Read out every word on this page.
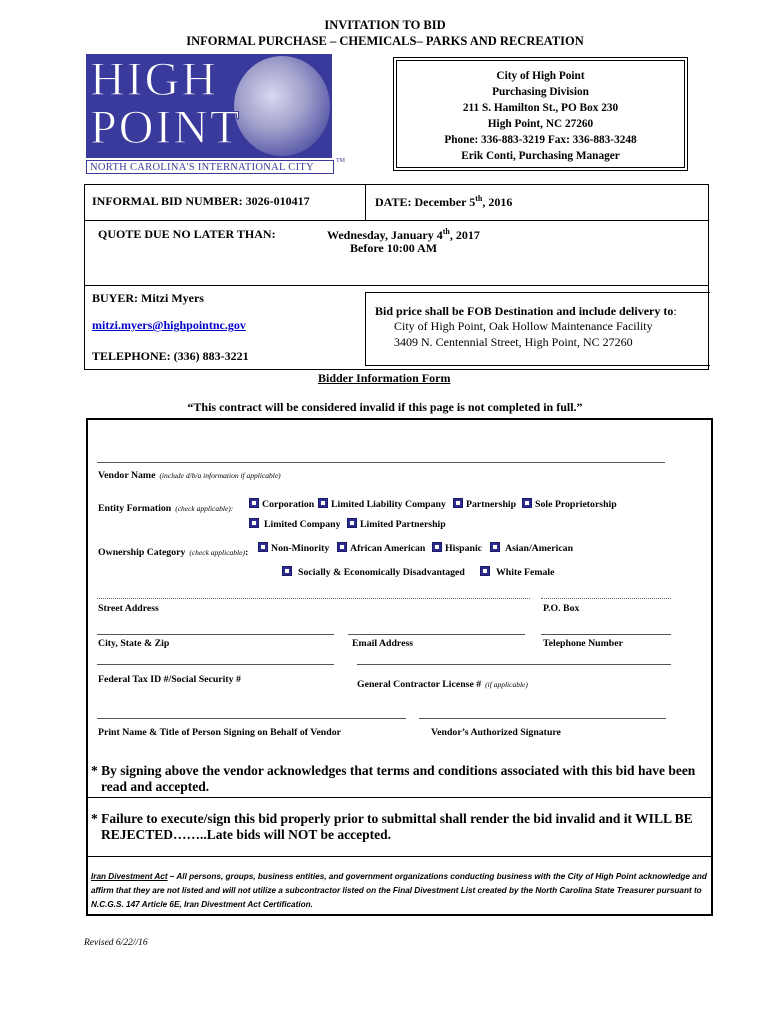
INVITATION TO BID
INFORMAL PURCHASE – CHEMICALS– PARKS AND RECREATION
HIGH
POINT
NORTH CAROLINA'S INTERNATIONAL CITY
TM
City of High Point
Purchasing Division
211 S. Hamilton St., PO Box 230
High Point, NC 27260
Phone: 336-883-3219 Fax: 336-883-3248
Erik Conti, Purchasing Manager
INFORMAL BID NUMBER: 3026-010417	DATE: December 5th, 2016
QUOTE DUE NO LATER THAN:	Wednesday, January 4th, 2017
Before 10:00 AM
BUYER: Mitzi Myers
mitzi.myers@highpointnc.gov
TELEPHONE: (336) 883-3221
Bid price shall be FOB Destination and include delivery to:
City of High Point, Oak Hollow Maintenance Facility
3409 N. Centennial Street, High Point, NC 27260
Bidder Information Form
“This contract will be considered invalid if this page is not completed in full.”
Vendor Name (include d/b/a information if applicable)
Entity Formation (check applicable):	Corporation	Limited Liability Company	Partnership	Sole Proprietorship
Limited Company	Limited Partnership
Ownership Category (check applicable):	Non-Minority	African American	Hispanic	Asian/American
Socially & Economically Disadvantaged	White Female
Street Address	P.O. Box
City, State & Zip	Email Address	Telephone Number
Federal Tax ID #/Social Security #	General Contractor License # (if applicable)
Print Name & Title of Person Signing on Behalf of Vendor	Vendor’s Authorized Signature
* By signing above the vendor acknowledges that terms and conditions associated with this bid have been
read and accepted.
* Failure to execute/sign this bid properly prior to submittal shall render the bid invalid and it WILL BE
REJECTED……..Late bids will NOT be accepted.
Iran Divestment Act – All persons, groups, business entities, and government organizations conducting business with the City of High Point acknowledge and affirm that they are not listed and will not utilize a subcontractor listed on the Final Divestment List created by the North Carolina State Treasurer pursuant to N.C.G.S. 147 Article 6E, Iran Divestment Act Certification.
Revised 6/22//16
